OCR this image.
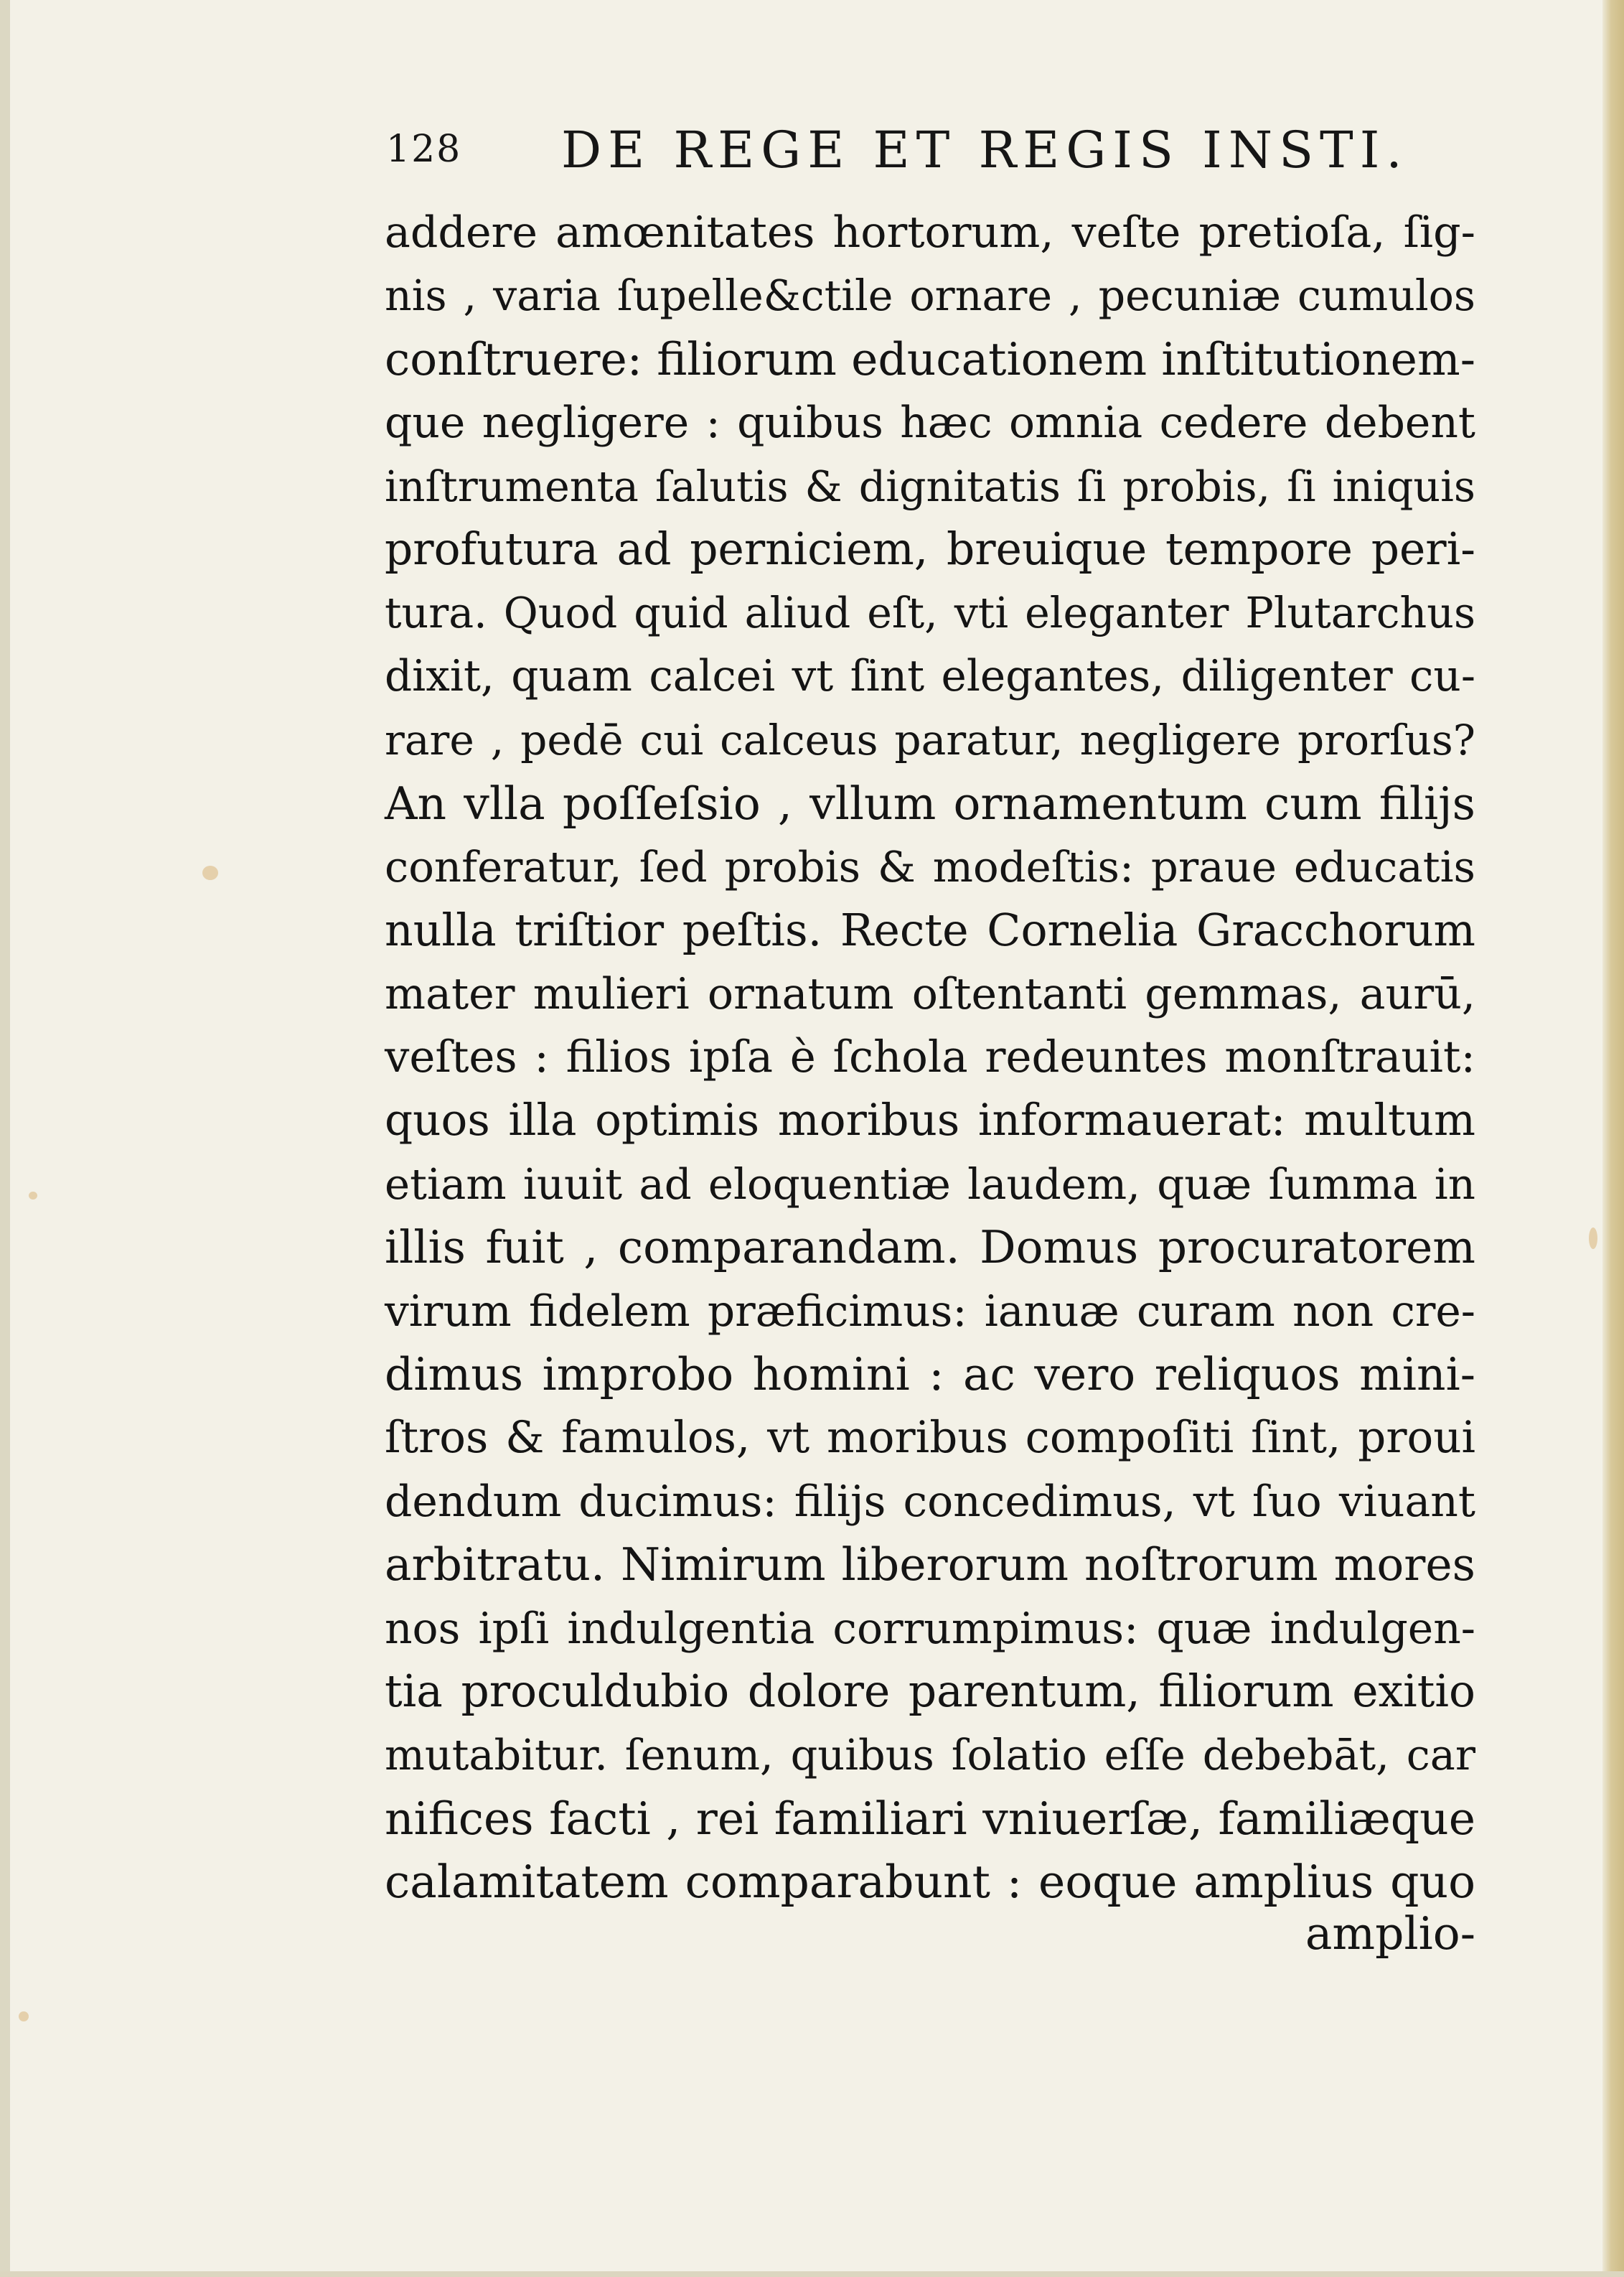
128 DE REGE ET REGIS INSTI.
addere amœnitates hortorum, veſte pretioſa, ſig-
nis , varia ſupelle&ctile ornare , pecuniæ cumulos
conſtruere: filiorum educationem inſtitutionem-
que negligere : quibus hæc omnia cedere debent
inſtrumenta ſalutis & dignitatis ſi probis, ſi iniquis
profutura ad perniciem, breuique tempore peri-
tura. Quod quid aliud eſt, vti eleganter Plutarchus
dixit, quam calcei vt ſint elegantes, diligenter cu-
rare , pedē cui calceus paratur, negligere prorſus?
An vlla poſſeſsio , vllum ornamentum cum filijs
conferatur, ſed probis & modeſtis: praue educatis
nulla triſtior peſtis. Recte Cornelia Gracchorum
mater mulieri ornatum oſtentanti gemmas, aurū,
veſtes : filios ipſa è ſchola redeuntes monſtrauit:
quos illa optimis moribus informauerat: multum
etiam iuuit ad eloquentiæ laudem, quæ ſumma in
illis fuit , comparandam. Domus procuratorem
virum fidelem præficimus: ianuæ curam non cre-
dimus improbo homini : ac vero reliquos mini-
ſtros & famulos, vt moribus compoſiti ſint, proui
dendum ducimus: filijs concedimus, vt ſuo viuant
arbitratu. Nimirum liberorum noſtrorum mores
nos ipſi indulgentia corrumpimus: quæ indulgen-
tia proculdubio dolore parentum, filiorum exitio
mutabitur. ſenum, quibus ſolatio eſſe debebāt, car
nifices facti , rei familiari vniuerſæ, familiæque
calamitatem comparabunt : eoque amplius quo
amplio-
